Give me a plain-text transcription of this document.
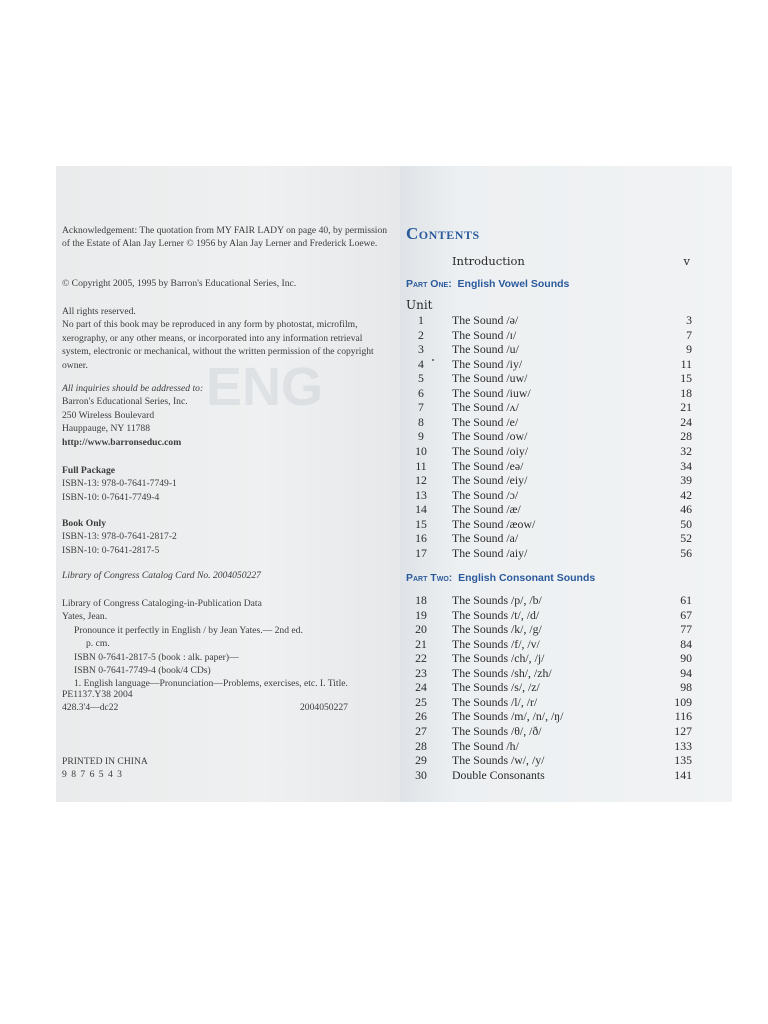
ENG

Acknowledgement: The quotation from MY FAIR LADY on page 40, by permission of the Estate of Alan Jay Lerner © 1956 by Alan Jay Lerner and Frederick Loewe.

© Copyright 2005, 1995 by Barron's Educational Series, Inc.

All rights reserved.

No part of this book may be reproduced in any form by photostat, microfilm, xerography, or any other means, or incorporated into any information retrieval system, electronic or mechanical, without the written permission of the copyright owner.

All inquiries should be addressed to:

Barron's Educational Series, Inc.

250 Wireless Boulevard

Hauppauge, NY 11788

http://www.barronseduc.com

Full Package

ISBN-13: 978-0-7641-7749-1

ISBN-10: 0-7641-7749-4

Book Only

ISBN-13: 978-0-7641-2817-2

ISBN-10: 0-7641-2817-5

Library of Congress Catalog Card No. 2004050227

Library of Congress Cataloging-in-Publication Data

Yates, Jean.

Pronounce it perfectly in English / by Jean Yates.— 2nd ed.

p. cm.

ISBN 0-7641-2817-5 (book : alk. paper)—

ISBN 0-7641-7749-4 (book/4 CDs)

1. English language—Pronunciation—Problems, exercises, etc. I. Title.

PE1137.Y38 2004

428.3'4—dc22	2004050227

PRINTED IN CHINA

9 8 7 6 5 4 3

Contents
Introduction	v
Part One: English Vowel Sounds
Unit
1	The Sound /ə/	3
2	The Sound /ɪ/	7
3	The Sound /u/	9
4	The Sound /iy/	11
5	The Sound /uw/	15
6	The Sound /iuw/	18
7	The Sound /ʌ/	21
8	The Sound /e/	24
9	The Sound /ow/	28
10	The Sound /oiy/	32
11	The Sound /eə/	34
12	The Sound /eiy/	39
13	The Sound /ɔ/	42
14	The Sound /æ/	46
15	The Sound /æow/	50
16	The Sound /a/	52
17	The Sound /aiy/	56
Part Two: English Consonant Sounds
18	The Sounds /p/, /b/	61
19	The Sounds /t/, /d/	67
20	The Sounds /k/, /g/	77
21	The Sounds /f/, /v/	84
22	The Sounds /ch/, /j/	90
23	The Sounds /sh/, /zh/	94
24	The Sounds /s/, /z/	98
25	The Sounds /l/, /r/	109
26	The Sounds /m/, /n/, /ŋ/	116
27	The Sounds /θ/, /ð/	127
28	The Sound /h/	133
29	The Sounds /w/, /y/	135
30	Double Consonants	141
